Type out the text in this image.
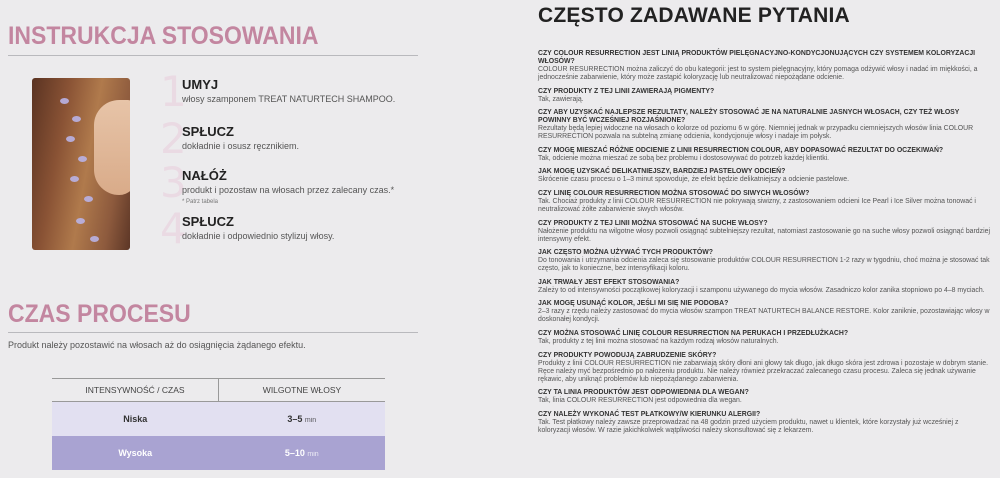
INSTRUKCJA STOSOWANIA
1
UMYJ
włosy szamponem TREAT NATURTECH SHAMPOO.
2
SPŁUCZ
dokładnie i osusz ręcznikiem.
3
NAŁÓŻ
produkt i pozostaw na włosach przez zalecany czas.*
* Patrz tabela
4
SPŁUCZ
dokładnie i odpowiednio stylizuj włosy.
CZAS PROCESU
Produkt należy pozostawić na włosach aż do osiągnięcia żądanego efektu.
INTENSYWNOŚĆ / CZAS	WILGOTNE WŁOSY
Niska	3–5 min
Wysoka	5–10 min
CZĘSTO ZADAWANE PYTANIA

CZY COLOUR RESURRECTION JEST LINIĄ PRODUKTÓW PIELĘGNACYJNO-KONDYCJONUJĄCYCH CZY SYSTEMEM KOLORYZACJI WŁOSÓW?

COLOUR RESURRECTION można zaliczyć do obu kategorii: jest to system pielęgnacyjny, który pomaga odżywić włosy i nadać im miękkości, a jednocześnie zabarwienie, który może zastąpić koloryzację lub neutralizować niepożądane odcienie.

CZY PRODUKTY Z TEJ LINII ZAWIERAJĄ PIGMENTY?

Tak, zawierają.

CZY ABY UZYSKAĆ NAJLEPSZE REZULTATY, NALEŻY STOSOWAĆ JE NA NATURALNIE JASNYCH WŁOSACH, CZY TEŻ WŁOSY POWINNY BYĆ WCZEŚNIEJ ROZJAŚNIONE?

Rezultaty będą lepiej widoczne na włosach o kolorze od poziomu 6 w górę. Niemniej jednak w przypadku ciemniejszych włosów linia COLOUR RESURRECTION pozwala na subtelną zmianę odcienia, kondycjonuje włosy i nadaje im połysk.

CZY MOGĘ MIESZAĆ RÓŻNE ODCIENIE Z LINII RESURRECTION COLOUR, ABY DOPASOWAĆ REZULTAT DO OCZEKIWAŃ?

Tak, odcienie można mieszać ze sobą bez problemu i dostosowywać do potrzeb każdej klientki.

JAK MOGĘ UZYSKAĆ DELIKATNIEJSZY, BARDZIEJ PASTELOWY ODCIEŃ?

Skrócenie czasu procesu o 1–3 minut spowoduje, że efekt będzie delikatniejszy a odcienie pastelowe.

CZY LINIĘ COLOUR RESURRECTION MOŻNA STOSOWAĆ DO SIWYCH WŁOSÓW?

Tak. Chociaż produkty z linii COLOUR RESURRECTION nie pokrywają siwizny, z zastosowaniem odcieni Ice Pearl i Ice Silver można tonować i neutralizować żółte zabarwienie siwych włosów.

CZY PRODUKTY Z TEJ LINII MOŻNA STOSOWAĆ NA SUCHE WŁOSY?

Nałożenie produktu na wilgotne włosy pozwoli osiągnąć subtelniejszy rezultat, natomiast zastosowanie go na suche włosy pozwoli osiągnąć bardziej intensywny efekt.

JAK CZĘSTO MOŻNA UŻYWAĆ TYCH PRODUKTÓW?

Do tonowania i utrzymania odcienia zaleca się stosowanie produktów COLOUR RESURRECTION 1-2 razy w tygodniu, choć można je stosować tak często, jak to konieczne, bez intensyfikacji koloru.

JAK TRWAŁY JEST EFEKT STOSOWANIA?

Zależy to od intensywności początkowej koloryzacji i szamponu używanego do mycia włosów. Zasadniczo kolor zanika stopniowo po 4–8 myciach.

JAK MOGĘ USUNĄĆ KOLOR, JEŚLI MI SIĘ NIE PODOBA?

2–3 razy z rzędu należy zastosować do mycia włosów szampon TREAT NATURTECH BALANCE RESTORE. Kolor zaniknie, pozostawiając włosy w doskonałej kondycji.

CZY MOŻNA STOSOWAĆ LINIĘ COLOUR RESURRECTION NA PERUKACH I PRZEDŁUŻKACH?

Tak, produkty z tej linii można stosować na każdym rodzaj włosów naturalnych.

CZY PRODUKTY POWODUJĄ ZABRUDZENIE SKÓRY?

Produkty z linii COLOUR RESURRECTION nie zabarwiają skóry dłoni ani głowy tak długo, jak długo skóra jest zdrowa i pozostaje w dobrym stanie. Ręce należy myć bezpośrednio po nałożeniu produktu. Nie należy również przekraczać zalecanego czasu procesu. Zaleca się jednak używanie rękawic, aby uniknąć problemów lub niepożądanego zabarwienia.

CZY TA LINIA PRODUKTÓW JEST ODPOWIEDNIA DLA WEGAN?

Tak, linia COLOUR RESURRECTION jest odpowiednia dla wegan.

CZY NALEŻY WYKONAĆ TEST PŁATKOWY/W KIERUNKU ALERGII?

Tak. Test płatkowy należy zawsze przeprowadzać na 48 godzin przed użyciem produktu, nawet u klientek, które korzystały już wcześniej z koloryzacji włosów. W razie jakichkolwiek wątpliwości należy skonsultować się z lekarzem.
